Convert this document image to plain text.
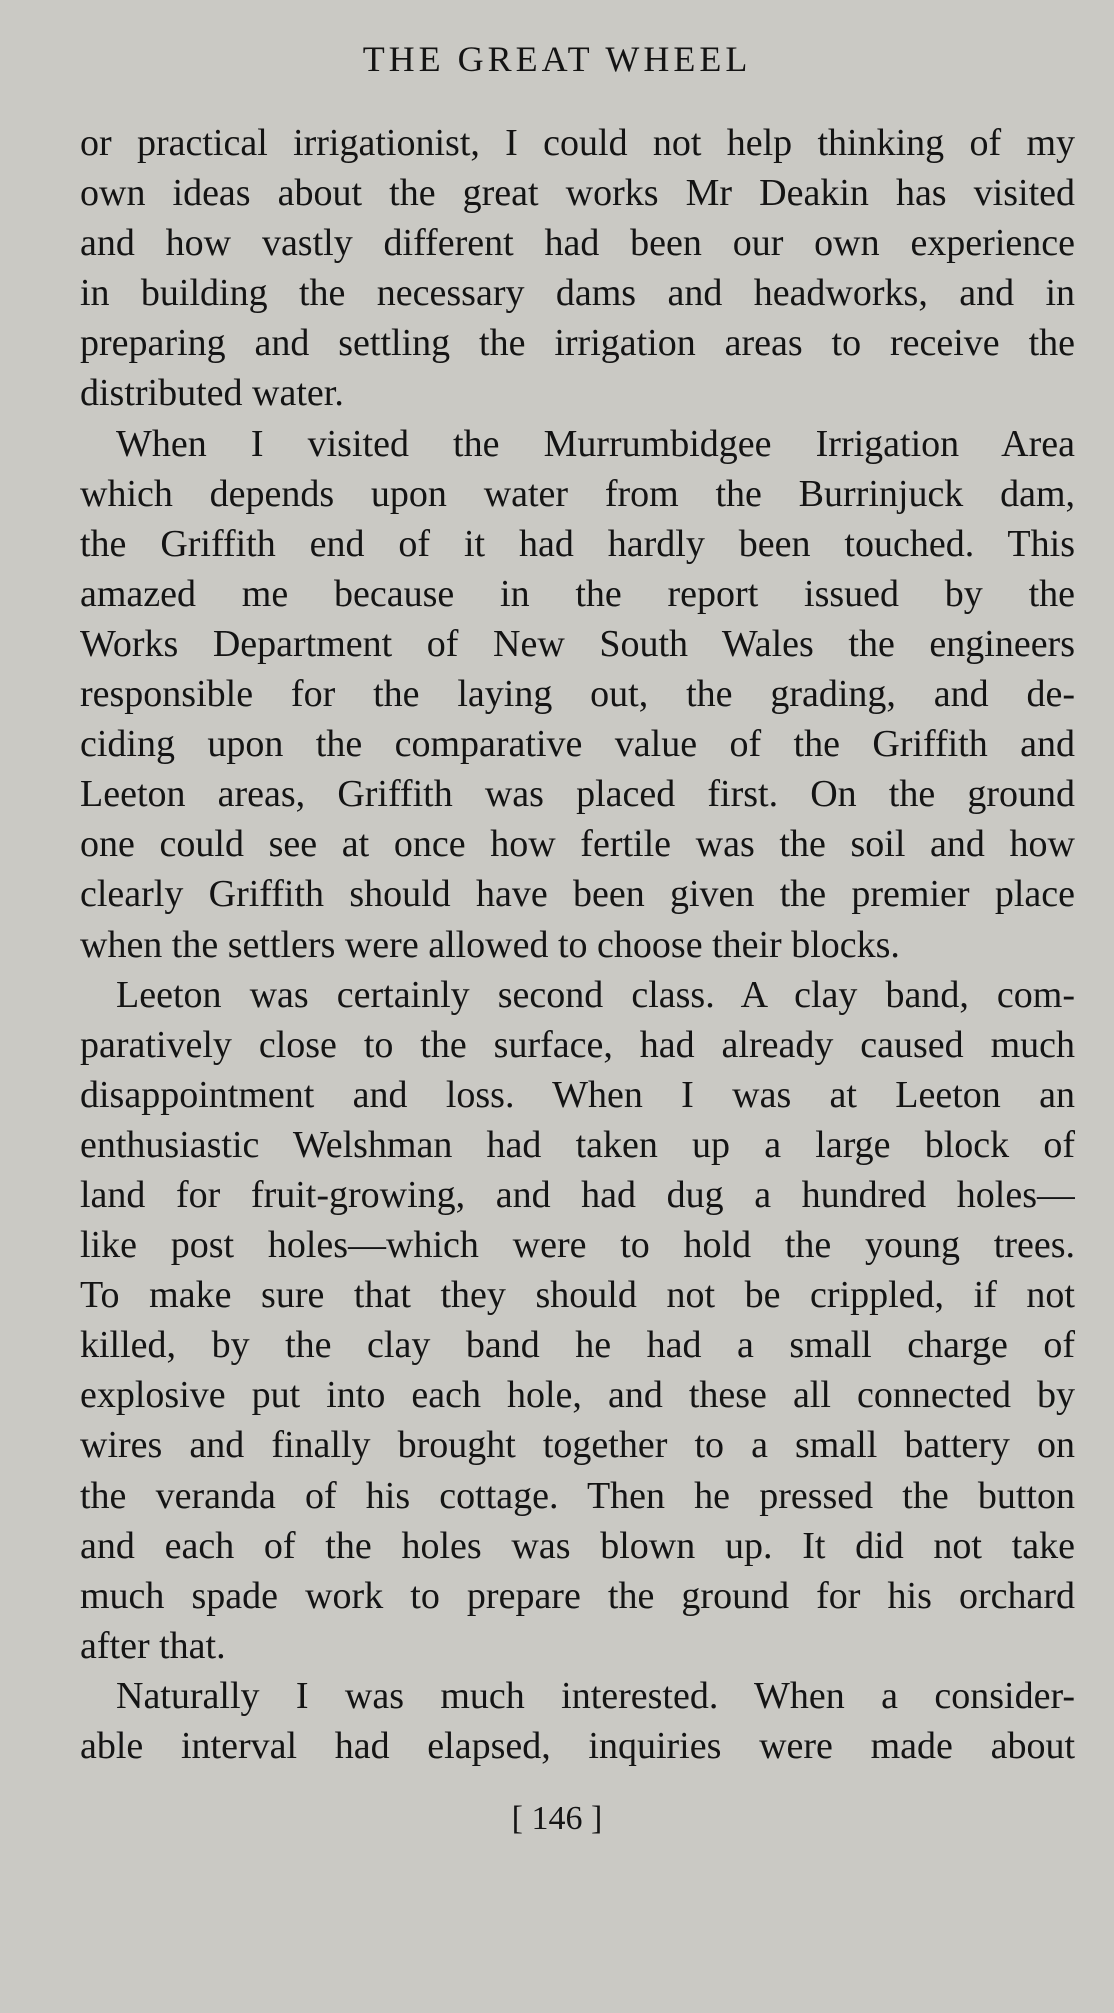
THE GREAT WHEEL
or practical irrigationist, I could not help thinking of my
own ideas about the great works Mr Deakin has visited
and how vastly different had been our own experience
in building the necessary dams and headworks, and in
preparing and settling the irrigation areas to receive the
distributed water.
When I visited the Murrumbidgee Irrigation Area
which depends upon water from the Burrinjuck dam,
the Griffith end of it had hardly been touched. This
amazed me because in the report issued by the
Works Department of New South Wales the engineers
responsible for the laying out, the grading, and de-
ciding upon the comparative value of the Griffith and
Leeton areas, Griffith was placed first. On the ground
one could see at once how fertile was the soil and how
clearly Griffith should have been given the premier place
when the settlers were allowed to choose their blocks.
Leeton was certainly second class. A clay band, com-
paratively close to the surface, had already caused much
disappointment and loss. When I was at Leeton an
enthusiastic Welshman had taken up a large block of
land for fruit-growing, and had dug a hundred holes—
like post holes—which were to hold the young trees.
To make sure that they should not be crippled, if not
killed, by the clay band he had a small charge of
explosive put into each hole, and these all connected by
wires and finally brought together to a small battery on
the veranda of his cottage. Then he pressed the button
and each of the holes was blown up. It did not take
much spade work to prepare the ground for his orchard
after that.
Naturally I was much interested. When a consider-
able interval had elapsed, inquiries were made about
[ 146 ]
